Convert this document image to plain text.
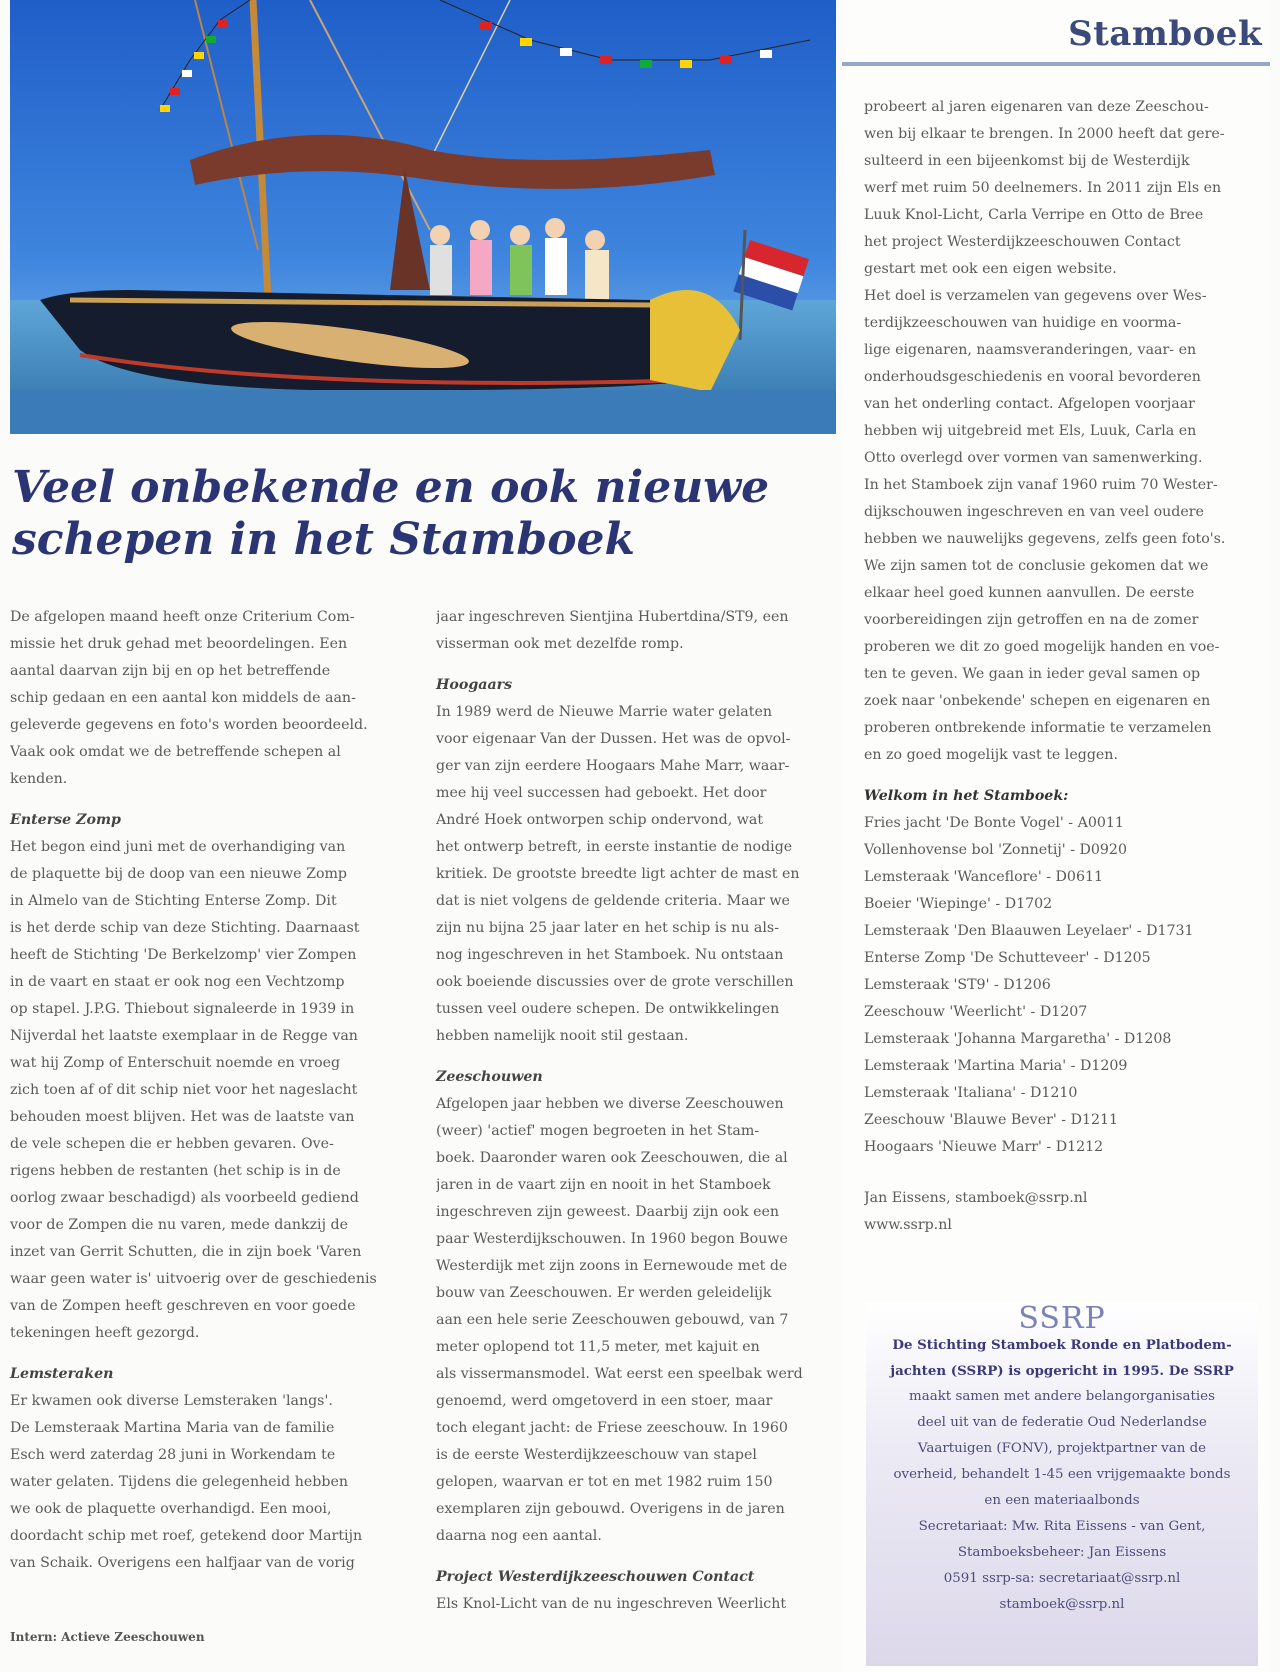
Stamboek
Veel onbekende en ook nieuwe
schepen in het Stamboek
De afgelopen maand heeft onze Criterium Com-
missie het druk gehad met beoordelingen. Een
aantal daarvan zijn bij en op het betreffende
schip gedaan en een aantal kon middels de aan-
geleverde gegevens en foto's worden beoordeeld.
Vaak ook omdat we de betreffende schepen al
kenden.
Enterse Zomp
Het begon eind juni met de overhandiging van
de plaquette bij de doop van een nieuwe Zomp
in Almelo van de Stichting Enterse Zomp. Dit
is het derde schip van deze Stichting. Daarnaast
heeft de Stichting 'De Berkelzomp' vier Zompen
in de vaart en staat er ook nog een Vechtzomp
op stapel. J.P.G. Thiebout signaleerde in 1939 in
Nijverdal het laatste exemplaar in de Regge van
wat hij Zomp of Enterschuit noemde en vroeg
zich toen af of dit schip niet voor het nageslacht
behouden moest blijven. Het was de laatste van
de vele schepen die er hebben gevaren. Ove-
rigens hebben de restanten (het schip is in de
oorlog zwaar beschadigd) als voorbeeld gediend
voor de Zompen die nu varen, mede dankzij de
inzet van Gerrit Schutten, die in zijn boek 'Varen
waar geen water is' uitvoerig over de geschiedenis
van de Zompen heeft geschreven en voor goede
tekeningen heeft gezorgd.
Lemsteraken
Er kwamen ook diverse Lemsteraken 'langs'.
De Lemsteraak Martina Maria van de familie
Esch werd zaterdag 28 juni in Workendam te
water gelaten. Tijdens die gelegenheid hebben
we ook de plaquette overhandigd. Een mooi,
doordacht schip met roef, getekend door Martijn
van Schaik. Overigens een halfjaar van de vorig
jaar ingeschreven Sientjina Hubertdina/ST9, een
visserman ook met dezelfde romp.
Hoogaars
In 1989 werd de Nieuwe Marrie water gelaten
voor eigenaar Van der Dussen. Het was de opvol-
ger van zijn eerdere Hoogaars Mahe Marr, waar-
mee hij veel successen had geboekt. Het door
André Hoek ontworpen schip ondervond, wat
het ontwerp betreft, in eerste instantie de nodige
kritiek. De grootste breedte ligt achter de mast en
dat is niet volgens de geldende criteria. Maar we
zijn nu bijna 25 jaar later en het schip is nu als-
nog ingeschreven in het Stamboek. Nu ontstaan
ook boeiende discussies over de grote verschillen
tussen veel oudere schepen. De ontwikkelingen
hebben namelijk nooit stil gestaan.
Zeeschouwen
Afgelopen jaar hebben we diverse Zeeschouwen
(weer) 'actief' mogen begroeten in het Stam-
boek. Daaronder waren ook Zeeschouwen, die al
jaren in de vaart zijn en nooit in het Stamboek
ingeschreven zijn geweest. Daarbij zijn ook een
paar Westerdijkschouwen. In 1960 begon Bouwe
Westerdijk met zijn zoons in Eernewoude met de
bouw van Zeeschouwen. Er werden geleidelijk
aan een hele serie Zeeschouwen gebouwd, van 7
meter oplopend tot 11,5 meter, met kajuit en
als vissermansmodel. Wat eerst een speelbak werd
genoemd, werd omgetoverd in een stoer, maar
toch elegant jacht: de Friese zeeschouw. In 1960
is de eerste Westerdijkzeeschouw van stapel
gelopen, waarvan er tot en met 1982 ruim 150
exemplaren zijn gebouwd. Overigens in de jaren
daarna nog een aantal.
Project Westerdijkzeeschouwen Contact
Els Knol-Licht van de nu ingeschreven Weerlicht
probeert al jaren eigenaren van deze Zeeschou-
wen bij elkaar te brengen. In 2000 heeft dat gere-
sulteerd in een bijeenkomst bij de Westerdijk
werf met ruim 50 deelnemers. In 2011 zijn Els en
Luuk Knol-Licht, Carla Verripe en Otto de Bree
het project Westerdijkzeeschouwen Contact
gestart met ook een eigen website.
Het doel is verzamelen van gegevens over Wes-
terdijkzeeschouwen van huidige en voorma-
lige eigenaren, naamsveranderingen, vaar- en
onderhoudsgeschiedenis en vooral bevorderen
van het onderling contact. Afgelopen voorjaar
hebben wij uitgebreid met Els, Luuk, Carla en
Otto overlegd over vormen van samenwerking.
In het Stamboek zijn vanaf 1960 ruim 70 Wester-
dijkschouwen ingeschreven en van veel oudere
hebben we nauwelijks gegevens, zelfs geen foto's.
We zijn samen tot de conclusie gekomen dat we
elkaar heel goed kunnen aanvullen. De eerste
voorbereidingen zijn getroffen en na de zomer
proberen we dit zo goed mogelijk handen en voe-
ten te geven. We gaan in ieder geval samen op
zoek naar 'onbekende' schepen en eigenaren en
proberen ontbrekende informatie te verzamelen
en zo goed mogelijk vast te leggen.
Welkom in het Stamboek:
Fries jacht 'De Bonte Vogel' - A0011
Vollenhovense bol 'Zonnetij' - D0920
Lemsteraak 'Wanceflore' - D0611
Boeier 'Wiepinge' - D1702
Lemsteraak 'Den Blaauwen Leyelaer' - D1731
Enterse Zomp 'De Schutteveer' - D1205
Lemsteraak 'ST9' - D1206
Zeeschouw 'Weerlicht' - D1207
Lemsteraak 'Johanna Margaretha' - D1208
Lemsteraak 'Martina Maria' - D1209
Lemsteraak 'Italiana' - D1210
Zeeschouw 'Blauwe Bever' - D1211
Hoogaars 'Nieuwe Marr' - D1212
Jan Eissens, stamboek@ssrp.nl
www.ssrp.nl
SSRP
De Stichting Stamboek Ronde en Platbodem-
jachten (SSRP) is opgericht in 1995. De SSRP
maakt samen met andere belangorganisaties
deel uit van de federatie Oud Nederlandse
Vaartuigen (FONV), projektpartner van de
overheid, behandelt 1-45 een vrijgemaakte bonds
en een materiaalbonds
Secretariaat: Mw. Rita Eissens - van Gent,
Stamboeksbeheer: Jan Eissens
0591 ssrp-sa: secretariaat@ssrp.nl
stamboek@ssrp.nl
Intern: Actieve Zeeschouwen
